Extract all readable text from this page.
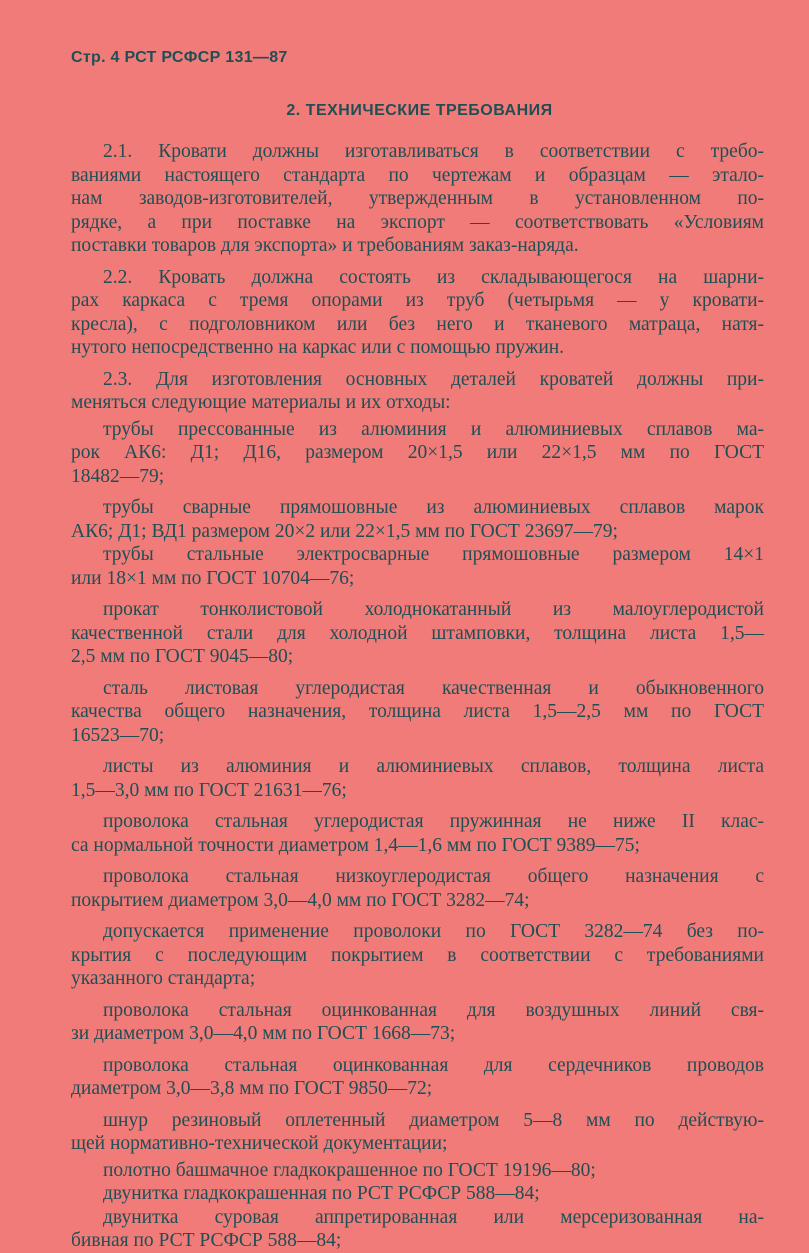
Стр. 4 РСТ РСФСР 131—87
2. ТЕХНИЧЕСКИЕ ТРЕБОВАНИЯ

2.1. Кровати должны изготавливаться в соответствии с требо-
ваниями настоящего стандарта по чертежам и образцам — этало-
нам заводов-изготовителей, утвержденным в установленном по-
рядке, а при поставке на экспорт — соответствовать «Условиям
поставки товаров для экспорта» и требованиям заказ-наряда.

2.2. Кровать должна состоять из складывающегося на шарни-
рах каркаса с тремя опорами из труб (четырьмя — у кровати-
кресла), с подголовником или без него и тканевого матраца, натя-
нутого непосредственно на каркас или с помощью пружин.

2.3. Для изготовления основных деталей кроватей должны при-
меняться следующие материалы и их отходы:

трубы прессованные из алюминия и алюминиевых сплавов ма-
рок АК6: Д1; Д16, размером 20×1,5 или 22×1,5 мм по ГОСТ
18482—79;

трубы сварные прямошовные из алюминиевых сплавов марок
АК6; Д1; ВД1 размером 20×2 или 22×1,5 мм по ГОСТ 23697—79;

трубы стальные электросварные прямошовные размером 14×1
или 18×1 мм по ГОСТ 10704—76;

прокат тонколистовой холоднокатанный из малоуглеродистой
качественной стали для холодной штамповки, толщина листа 1,5—
2,5 мм по ГОСТ 9045—80;

сталь листовая углеродистая качественная и обыкновенного
качества общего назначения, толщина листа 1,5—2,5 мм по ГОСТ
16523—70;

листы из алюминия и алюминиевых сплавов, толщина листа
1,5—3,0 мм по ГОСТ 21631—76;

проволока стальная углеродистая пружинная не ниже II клас-
са нормальной точности диаметром 1,4—1,6 мм по ГОСТ 9389—75;

проволока стальная низкоуглеродистая общего назначения с
покрытием диаметром 3,0—4,0 мм по ГОСТ 3282—74;

допускается применение проволоки по ГОСТ 3282—74 без по-
крытия с последующим покрытием в соответствии с требованиями
указанного стандарта;

проволока стальная оцинкованная для воздушных линий свя-
зи диаметром 3,0—4,0 мм по ГОСТ 1668—73;

проволока стальная оцинкованная для сердечников проводов
диаметром 3,0—3,8 мм по ГОСТ 9850—72;

шнур резиновый оплетенный диаметром 5—8 мм по действую-
щей нормативно-технической документации;

полотно башмачное гладкокрашенное по ГОСТ 19196—80;

двунитка гладкокрашенная по РСТ РСФСР 588—84;

двунитка суровая аппретированная или мерсеризованная на-
бивная по РСТ РСФСР 588—84;
